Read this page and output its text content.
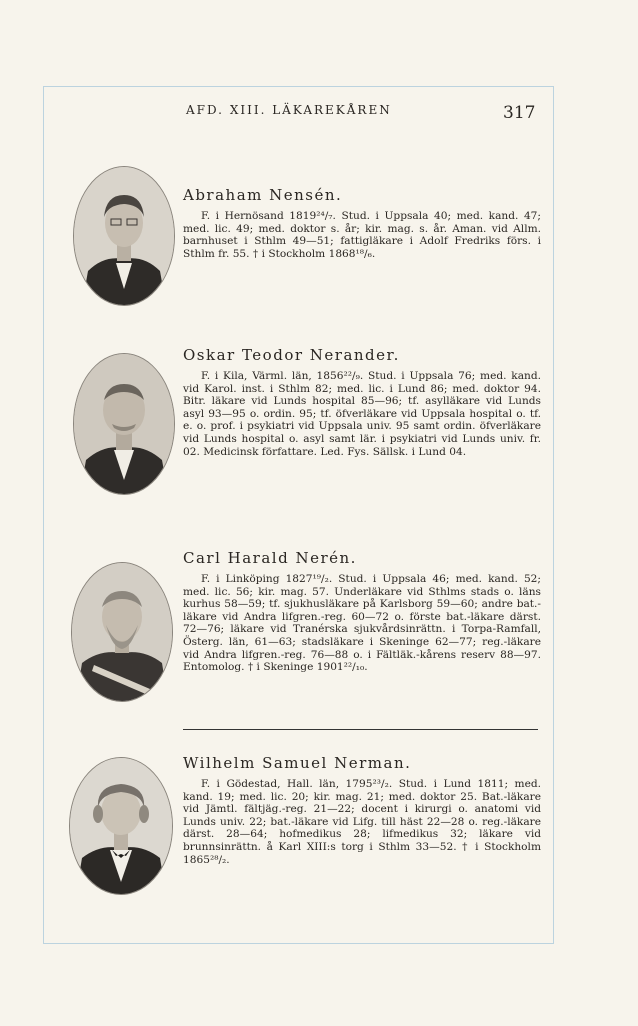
AFD. XIII. LÄKAREKÅREN	317
Abraham Nensén.

F. i Hernösand 1819²⁴/₇. Stud. i Uppsala 40; med. kand. 47; med. lic. 49; med. doktor s. år; kir. mag. s. år. Aman. vid Allm. barnhuset i Sthlm 49—51; fattigläkare i Adolf Fredriks förs. i Sthlm fr. 55. † i Stockholm 1868¹⁸/₆.

Oskar Teodor Nerander.

F. i Kila, Värml. län, 1856²²/₉. Stud. i Uppsala 76; med. kand. vid Karol. inst. i Sthlm 82; med. lic. i Lund 86; med. doktor 94. Bitr. läkare vid Lunds hospital 85—96; tf. asylläkare vid Lunds asyl 93—95 o. ordin. 95; tf. öfverläkare vid Uppsala hospital o. tf. e. o. prof. i psykiatri vid Uppsala univ. 95 samt ordin. öfverläkare vid Lunds hospital o. asyl samt lär. i psykiatri vid Lunds univ. fr. 02. Medicinsk författare. Led. Fys. Sällsk. i Lund 04.

Carl Harald Nerén.

F. i Linköping 1827¹⁹/₂. Stud. i Uppsala 46; med. kand. 52; med. lic. 56; kir. mag. 57. Underläkare vid Sthlms stads o. läns kurhus 58—59; tf. sjukhusläkare på Karlsborg 59—60; andre bat.-läkare vid Andra lifgren.-reg. 60—72 o. förste bat.-läkare därst. 72—76; läkare vid Tranérska sjukvårdsinrättn. i Torpa-Ramfall, Österg. län, 61—63; stadsläkare i Skeninge 62—77; reg.-läkare vid Andra lifgren.-reg. 76—88 o. i Fältläk.-kårens reserv 88—97. Entomolog. † i Skeninge 1901²²/₁₀.

Wilhelm Samuel Nerman.

F. i Gödestad, Hall. län, 1795²³/₂. Stud. i Lund 1811; med. kand. 19; med. lic. 20; kir. mag. 21; med. doktor 25. Bat.-läkare vid Jämtl. fältjäg.-reg. 21—22; docent i kirurgi o. anatomi vid Lunds univ. 22; bat.-läkare vid Lifg. till häst 22—28 o. reg.-läkare därst. 28—64; hofmedikus 28; lifmedikus 32; läkare vid brunnsinrättn. å Karl XIII:s torg i Sthlm 33—52. † i Stockholm 1865²⁸/₂.
